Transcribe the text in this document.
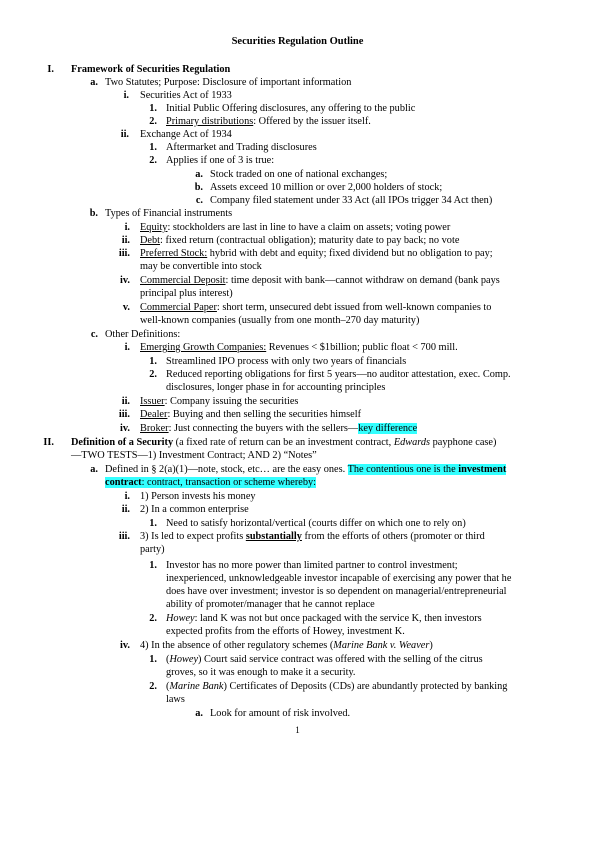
Securities Regulation Outline
I. Framework of Securities Regulation
a. Two Statutes; Purpose: Disclosure of important information
i. Securities Act of 1933
1. Initial Public Offering disclosures, any offering to the public
2. Primary distributions: Offered by the issuer itself.
ii. Exchange Act of 1934
1. Aftermarket and Trading disclosures
2. Applies if one of 3 is true:
a. Stock traded on one of national exchanges;
b. Assets exceed 10 million or over 2,000 holders of stock;
c. Company filed statement under 33 Act (all IPOs trigger 34 Act then)
b. Types of Financial instruments
i. Equity: stockholders are last in line to have a claim on assets; voting power
ii. Debt: fixed return (contractual obligation); maturity date to pay back; no vote
iii. Preferred Stock: hybrid with debt and equity; fixed dividend but no obligation to pay;
may be convertible into stock
iv. Commercial Deposit: time deposit with bank—cannot withdraw on demand (bank pays
principal plus interest)
v. Commercial Paper: short term, unsecured debt issued from well-known companies to
well-known companies (usually from one month–270 day maturity)
c. Other Definitions:
i. Emerging Growth Companies: Revenues < $1billion; public float < 700 mill.
1. Streamlined IPO process with only two years of financials
2. Reduced reporting obligations for first 5 years—no auditor attestation, exec. Comp.
disclosures, longer phase in for accounting principles
ii. Issuer: Company issuing the securities
iii. Dealer: Buying and then selling the securities himself
iv. Broker: Just connecting the buyers with the sellers—key difference
II. Definition of a Security (a fixed rate of return can be an investment contract, Edwards payphone case)
—TWO TESTS—1) Investment Contract; AND 2) “Notes”
a. Defined in § 2(a)(1)—note, stock, etc… are the easy ones. The contentious one is the investment
contract: contract, transaction or scheme whereby:
i. 1) Person invests his money
ii. 2) In a common enterprise
1. Need to satisfy horizontal/vertical (courts differ on which one to rely on)
iii. 3) Is led to expect profits substantially from the efforts of others (promoter or third
party)
1. Investor has no more power than limited partner to control investment;
inexperienced, unknowledgeable investor incapable of exercising any power that he
does have over investment; investor is so dependent on managerial/entrepreneurial
ability of promoter/manager that he cannot replace
2. Howey: land K was not but once packaged with the service K, then investors
expected profits from the efforts of Howey, investment K.
iv. 4) In the absence of other regulatory schemes (Marine Bank v. Weaver)
1. (Howey) Court said service contract was offered with the selling of the citrus
groves, so it was enough to make it a security.
2. (Marine Bank) Certificates of Deposits (CDs) are abundantly protected by banking
laws
a. Look for amount of risk involved.
1
